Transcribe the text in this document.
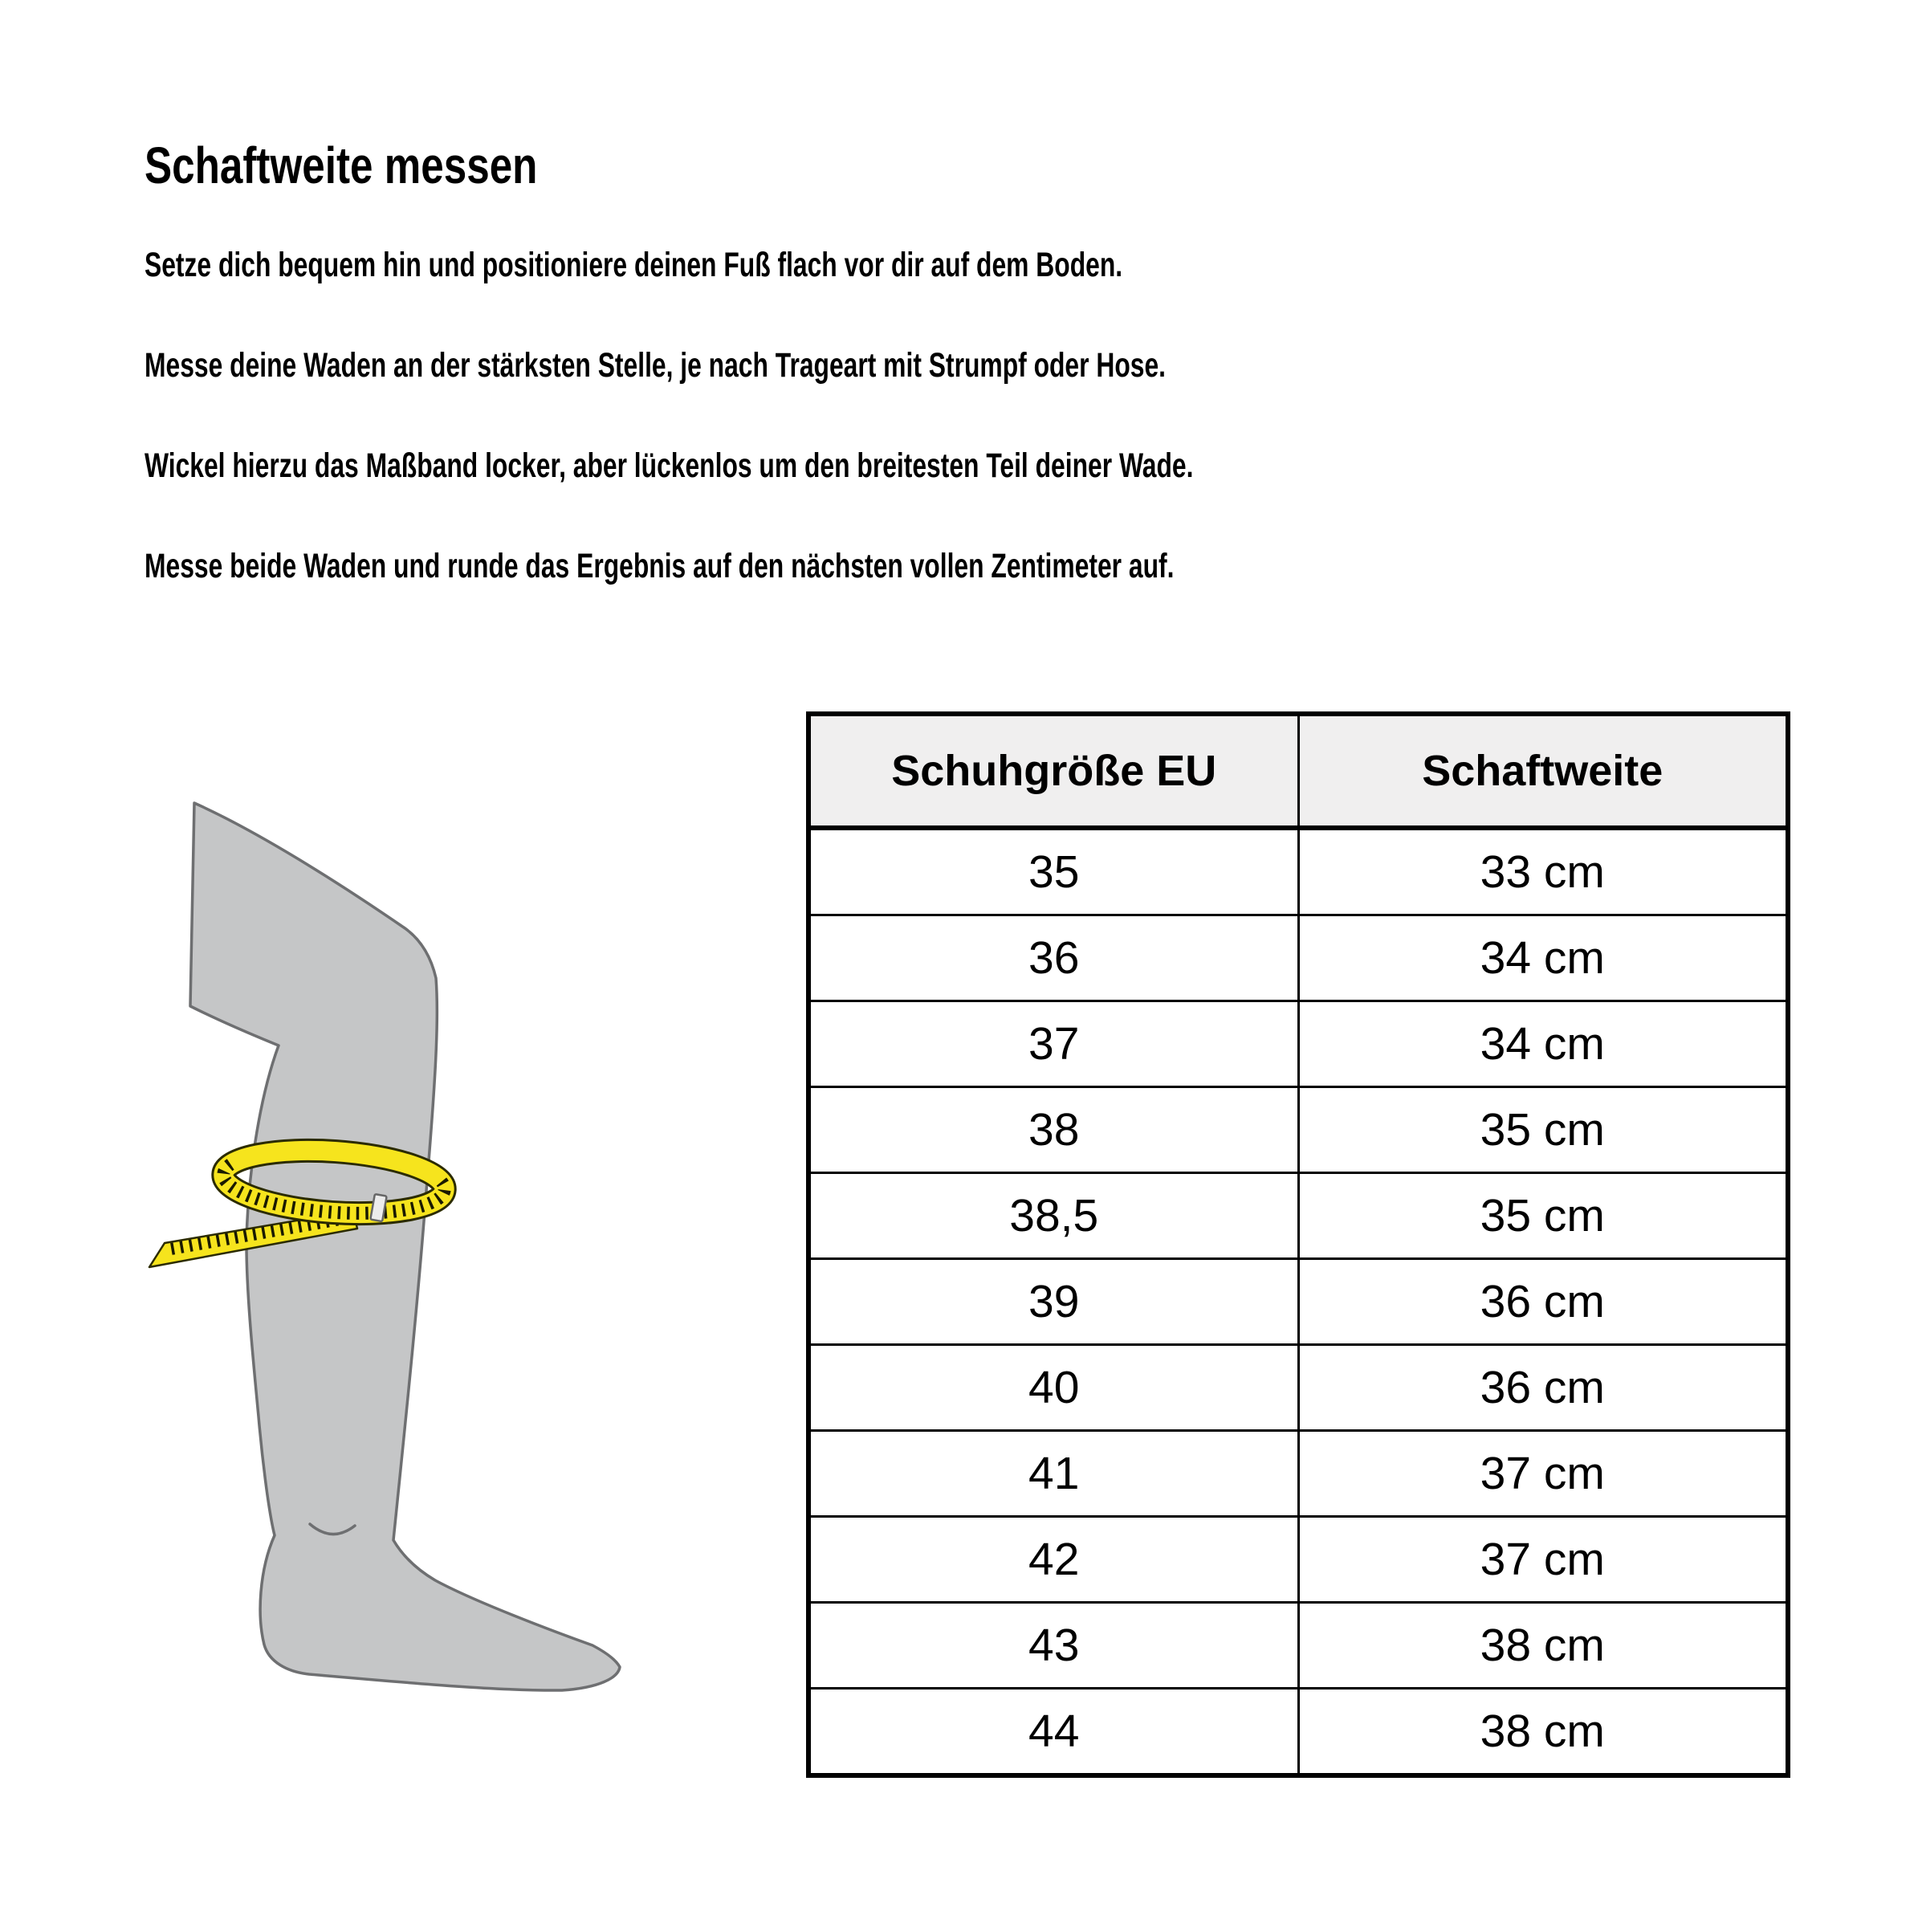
Schaftweite messen

Setze dich bequem hin und positioniere deinen Fuß flach vor dir auf dem Boden.

Messe deine Waden an der stärksten Stelle, je nach Trageart mit Strumpf oder Hose.

Wickel hierzu das Maßband locker, aber lückenlos um den breitesten Teil deiner Wade.

Messe beide Waden und runde das Ergebnis auf den nächsten vollen Zentimeter auf.

Schuhgröße EU	Schaftweite
35	33 cm
36	34 cm
37	34 cm
38	35 cm
38,5	35 cm
39	36 cm
40	36 cm
41	37 cm
42	37 cm
43	38 cm
44	38 cm
